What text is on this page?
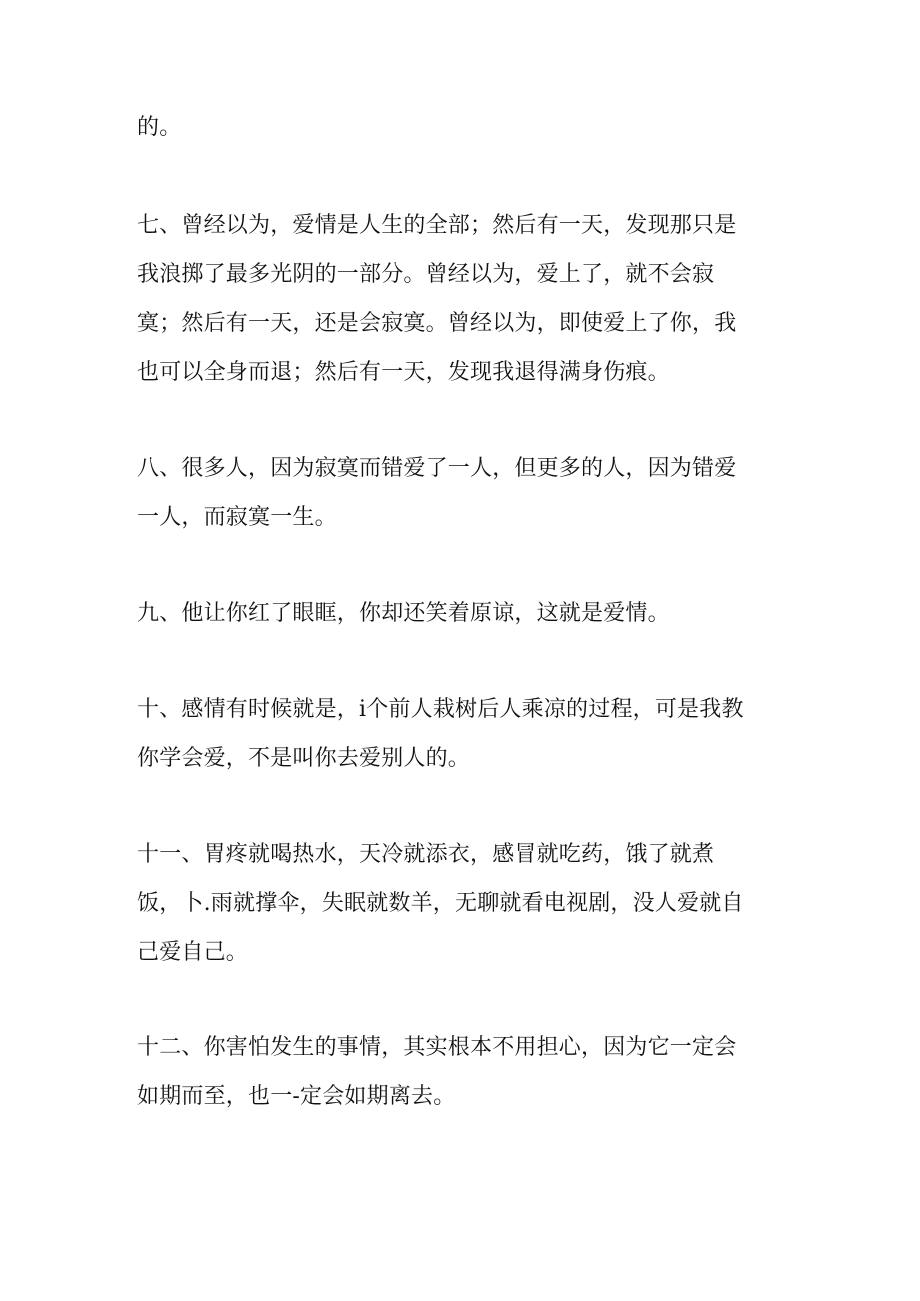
的。
七、曾经以为，爱情是人生的全部；然后有一天，发现那只是
我浪掷了最多光阴的一部分。曾经以为，爱上了，就不会寂
寞；然后有一天，还是会寂寞。曾经以为，即使爱上了你，我
也可以全身而退；然后有一天，发现我退得满身伤痕。
八、很多人，因为寂寞而错爱了一人，但更多的人，因为错爱
一人，而寂寞一生。
九、他让你红了眼眶，你却还笑着原谅，这就是爱情。
十、感情有时候就是，i个前人栽树后人乘凉的过程，可是我教
你学会爱，不是叫你去爱别人的。
十一、胃疼就喝热水，天冷就添衣，感冒就吃药，饿了就煮
饭，卜.雨就撑伞，失眠就数羊，无聊就看电视剧，没人爱就自
己爱自己。
十二、你害怕发生的事情，其实根本不用担心，因为它一定会
如期而至，也一-定会如期离去。
